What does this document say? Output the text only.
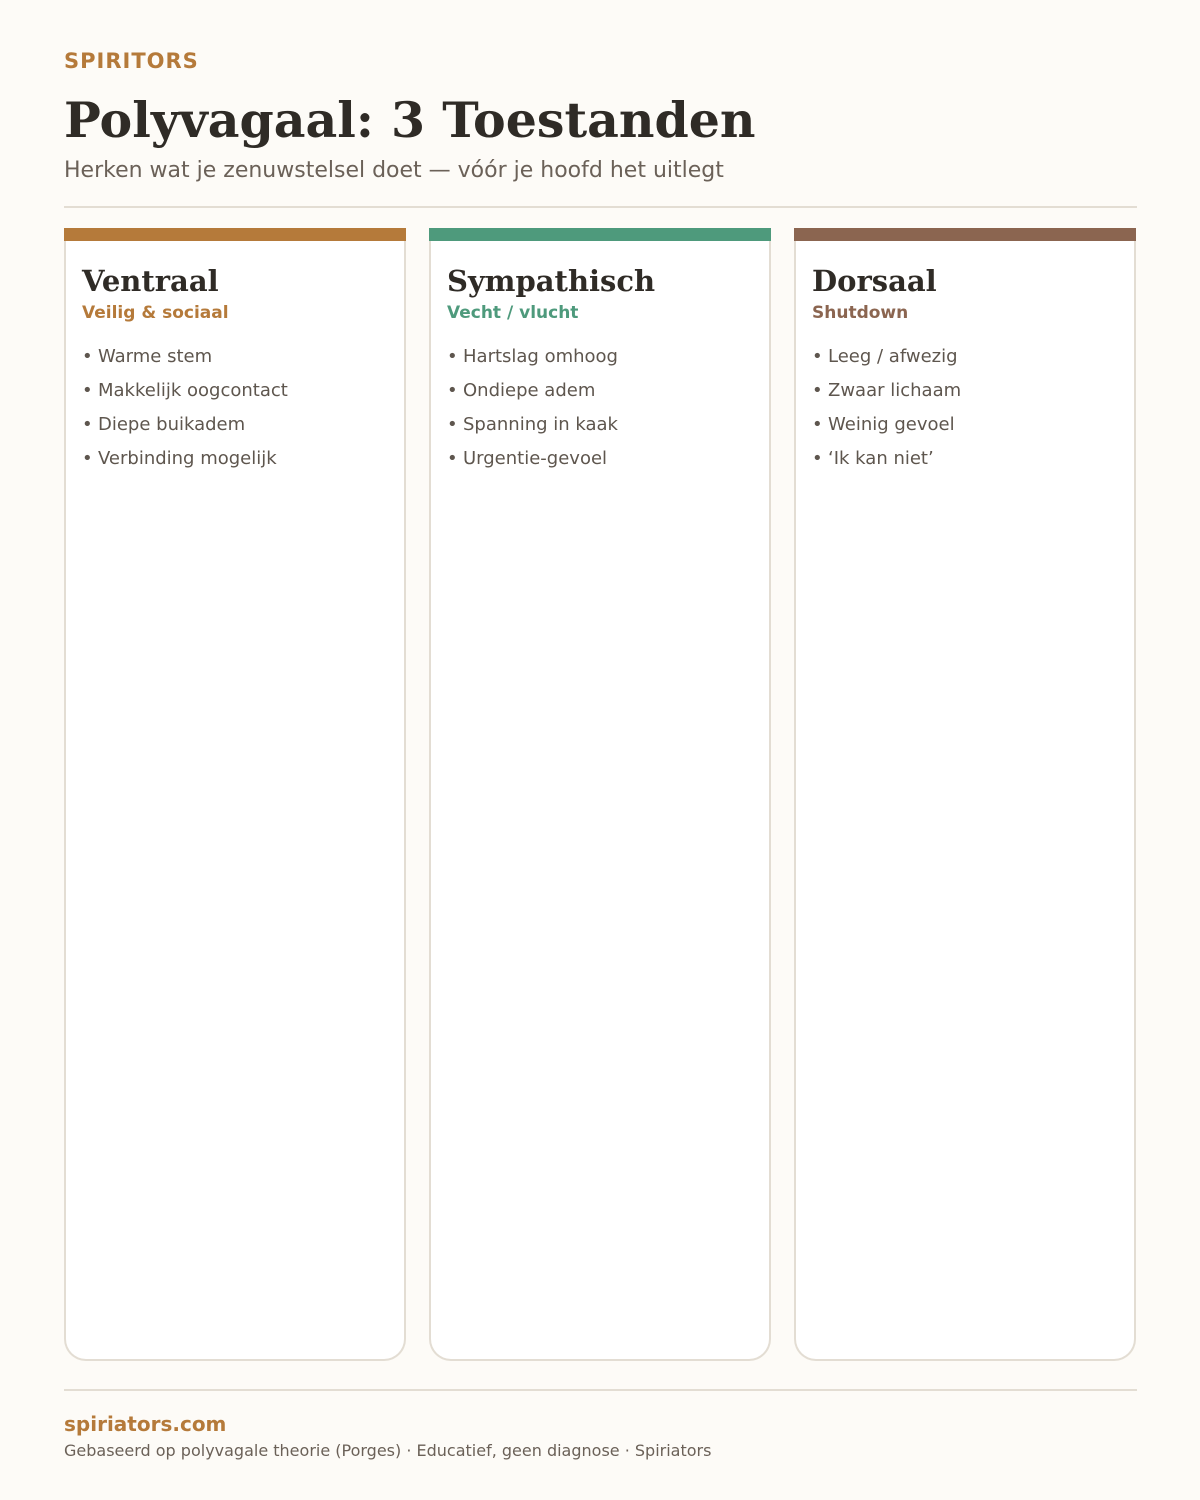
SPIRITORS
Polyvagaal: 3 Toestanden
Herken wat je zenuwstelsel doet — vóór je hoofd het uitlegt
Ventraal
Veilig & sociaal
• Warme stem
• Makkelijk oogcontact
• Diepe buikadem
• Verbinding mogelijk
Sympathisch
Vecht / vlucht
• Hartslag omhoog
• Ondiepe adem
• Spanning in kaak
• Urgentie-gevoel
Dorsaal
Shutdown
• Leeg / afwezig
• Zwaar lichaam
• Weinig gevoel
• ‘Ik kan niet’
spiriators.com
Gebaseerd op polyvagale theorie (Porges) · Educatief, geen diagnose · Spiriators
